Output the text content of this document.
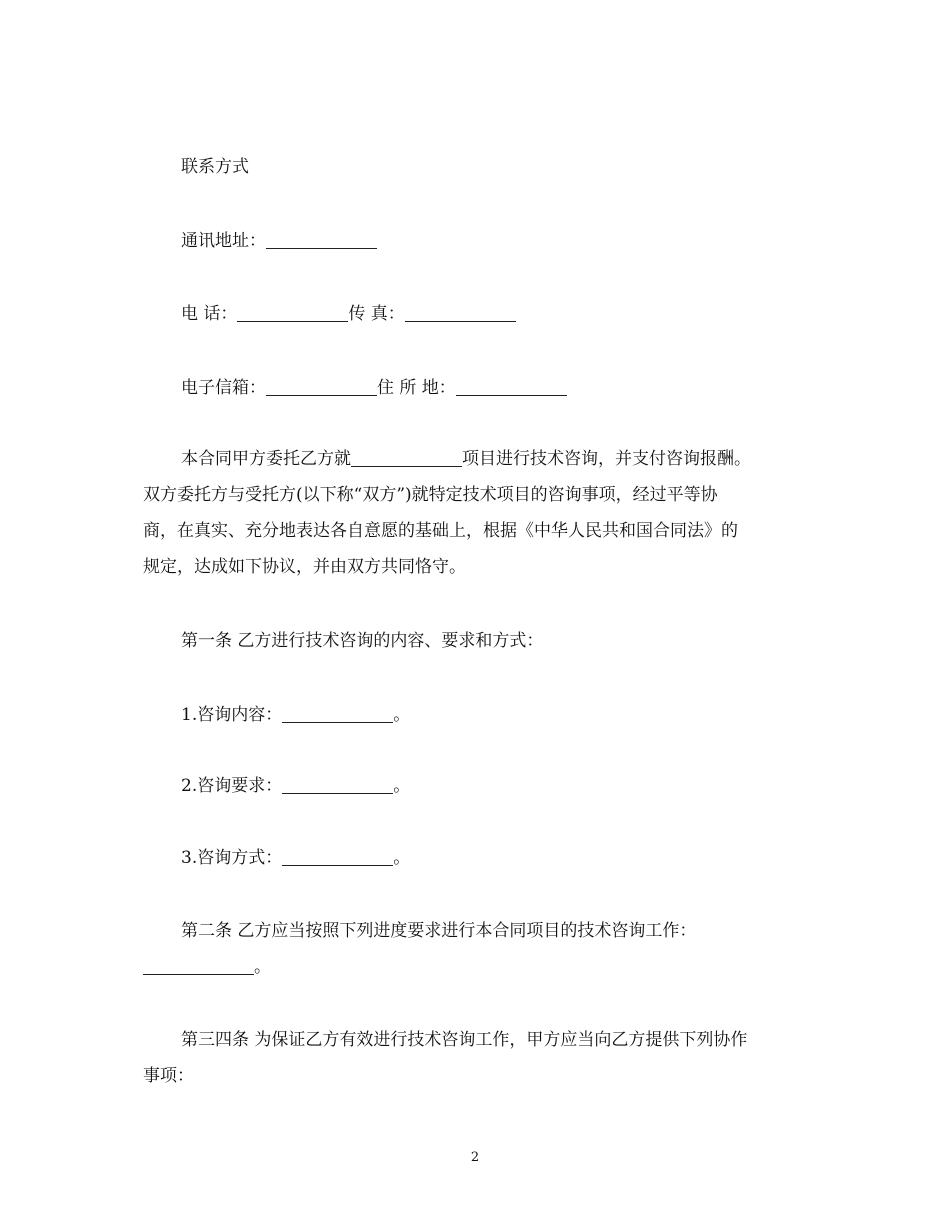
联系方式
通讯地址：
电 话：	传 真：
电子信箱：	住 所 地：
本合同甲方委托乙方就	项目进行技术咨询，并支付咨询报酬。
双方委托方与受托方(以下称“双方”)就特定技术项目的咨询事项，经过平等协
商，在真实、充分地表达各自意愿的基础上，根据《中华人民共和国合同法》的
规定，达成如下协议，并由双方共同恪守。
第一条 乙方进行技术咨询的内容、要求和方式：
1.咨询内容：	。
2.咨询要求：	。
3.咨询方式：	。
第二条 乙方应当按照下列进度要求进行本合同项目的技术咨询工作：
。
第三四条 为保证乙方有效进行技术咨询工作，甲方应当向乙方提供下列协作
事项：
2
